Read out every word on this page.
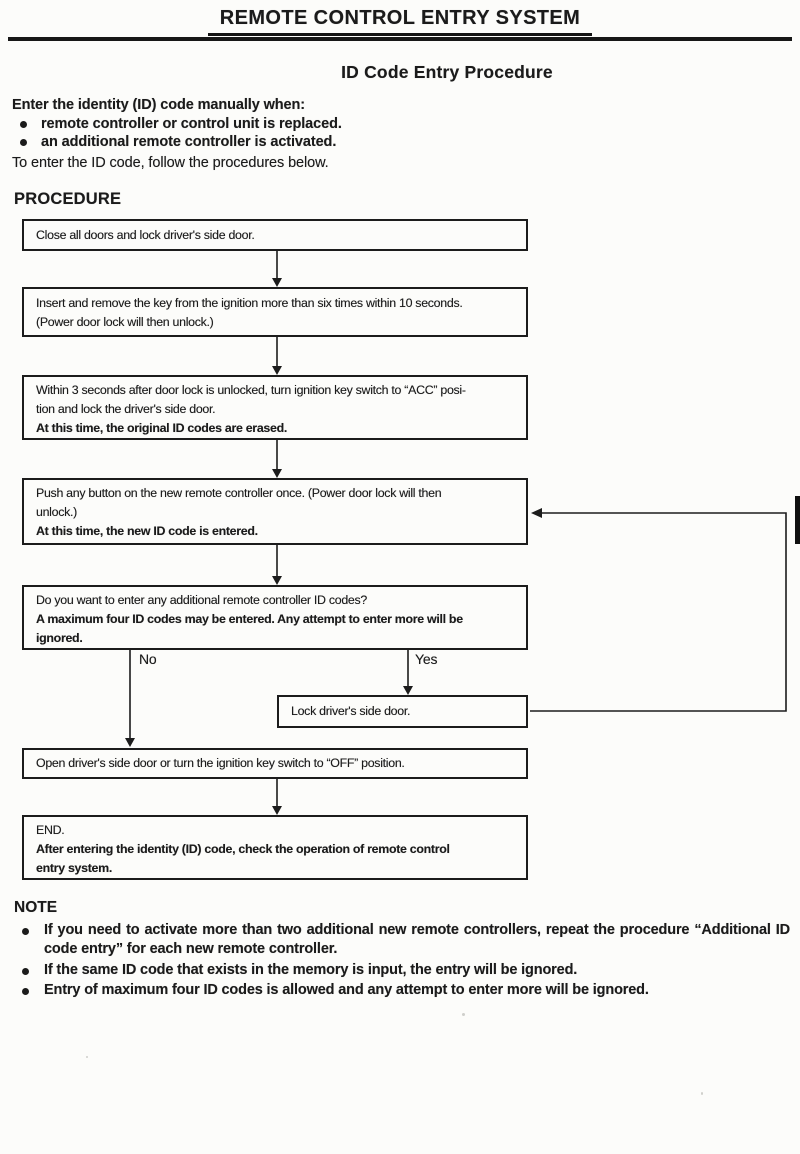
REMOTE CONTROL ENTRY SYSTEM
ID Code Entry Procedure
Enter the identity (ID) code manually when:
remote controller or control unit is replaced.
an additional remote controller is activated.
To enter the ID code, follow the procedures below.
PROCEDURE
Close all doors and lock driver's side door.
Insert and remove the key from the ignition more than six times within 10 seconds.
(Power door lock will then unlock.)
Within 3 seconds after door lock is unlocked, turn ignition key switch to “ACC” posi-
tion and lock the driver's side door.
At this time, the original ID codes are erased.
Push any button on the new remote controller once. (Power door lock will then
unlock.)
At this time, the new ID code is entered.
Do you want to enter any additional remote controller ID codes?
A maximum four ID codes may be entered. Any attempt to enter more will be
ignored.
No	Yes
Lock driver's side door.
Open driver's side door or turn the ignition key switch to “OFF” position.
END.
After entering the identity (ID) code, check the operation of remote control
entry system.
NOTE
If you need to activate more than two additional new remote controllers, repeat the procedure “Additional ID code entry” for each new remote controller.
If the same ID code that exists in the memory is input, the entry will be ignored.
Entry of maximum four ID codes is allowed and any attempt to enter more will be ignored.
